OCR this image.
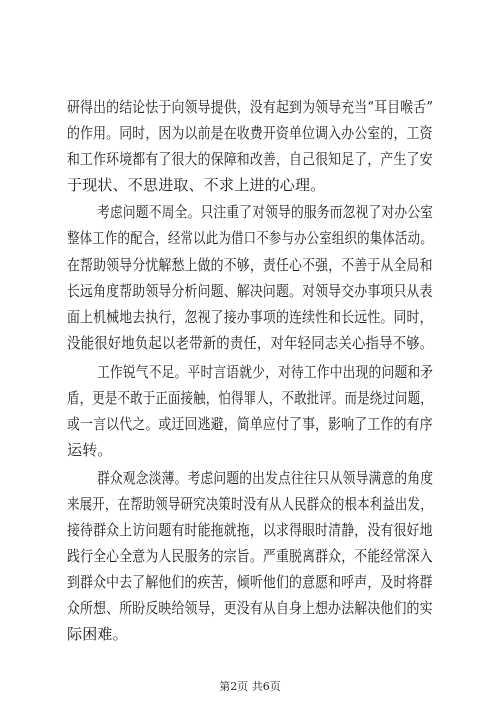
研得出的结论怯于向领导提供，没有起到为领导充当“耳目喉舌”
的作用。同时，因为以前是在收费开资单位调入办公室的，工资
和工作环境都有了很大的保障和改善，自己很知足了，产生了安
于现状、不思进取、不求上进的心理。
考虑问题不周全。只注重了对领导的服务而忽视了对办公室
整体工作的配合，经常以此为借口不参与办公室组织的集体活动。
在帮助领导分忧解愁上做的不够，责任心不强，不善于从全局和
长远角度帮助领导分析问题、解决问题。对领导交办事项只从表
面上机械地去执行，忽视了接办事项的连续性和长远性。同时，
没能很好地负起以老带新的责任，对年轻同志关心指导不够。
工作锐气不足。平时言语就少，对待工作中出现的问题和矛
盾，更是不敢于正面接触，怕得罪人，不敢批评。而是绕过问题，
或一言以代之。或迂回逃避，简单应付了事，影响了工作的有序
运转。
群众观念淡薄。考虑问题的出发点往往只从领导满意的角度
来展开，在帮助领导研究决策时没有从人民群众的根本利益出发，
接待群众上访问题有时能拖就拖，以求得眼时清静，没有很好地
践行全心全意为人民服务的宗旨。严重脱离群众，不能经常深入
到群众中去了解他们的疾苦，倾听他们的意愿和呼声，及时将群
众所想、所盼反映给领导，更没有从自身上想办法解决他们的实
际困难。
第2页 共6页
